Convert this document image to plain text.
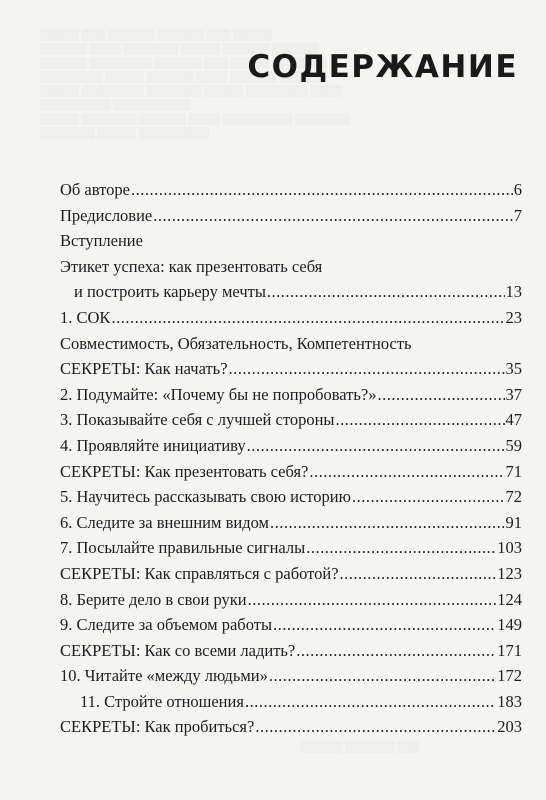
▒▒▒▒▒ ▒▒▒ ▒▒▒▒▒▒ ▒▒▒▒▒▒ ▒▒▒ ▒▒▒▒▒
▒▒▒▒▒▒ ▒▒▒▒ ▒▒▒▒▒▒▒ ▒▒▒▒▒ ▒▒▒▒▒▒ ▒▒▒▒▒▒
▒▒▒▒▒▒ ▒▒▒▒▒▒▒▒ ▒▒▒▒▒▒ ▒▒▒ ▒▒▒▒▒ ▒▒▒▒▒▒▒
▒▒▒▒▒▒▒▒ ▒▒▒▒▒ ▒▒▒▒▒▒ ▒▒▒▒ ▒▒▒▒▒▒ ▒▒▒▒▒▒
▒▒▒▒▒ ▒▒▒▒▒▒▒▒ ▒▒▒▒▒▒▒ ▒▒▒▒▒ ▒▒▒▒▒▒▒▒ ▒▒▒▒
▒▒▒▒▒▒▒▒▒ ▒▒▒▒▒▒▒▒▒▒
▒▒▒▒▒ ▒▒▒▒▒▒▒ ▒▒▒▒▒▒ ▒▒▒▒ ▒▒▒▒▒▒▒▒▒ ▒▒▒▒▒▒▒
▒▒▒▒▒▒▒ ▒▒▒▒▒ ▒▒▒▒▒▒▒▒▒
▒▒▒▒▒▒ ▒▒▒▒▒▒▒ ▒▒▒
СОДЕРЖАНИЕ
Об авторе .....	6
Предисловие .....	7
Вступление
Этикет успеха: как презентовать себя
и построить карьеру мечты .....	13
1. СОК .....	23
Совместимость, Обязательность, Компетентность
СЕКРЕТЫ: Как начать? .....	35
2. Подумайте: «Почему бы не попробовать?» .....	37
3. Показывайте себя с лучшей стороны .....	47
4. Проявляйте инициативу .....	59
СЕКРЕТЫ: Как презентовать себя? .....	71
5. Научитесь рассказывать свою историю .....	72
6. Следите за внешним видом .....	91
7. Посылайте правильные сигналы .....	103
СЕКРЕТЫ: Как справляться с работой? .....	123
8. Берите дело в свои руки .....	124
9. Следите за объемом работы .....	149
СЕКРЕТЫ: Как со всеми ладить? .....	171
10. Читайте «между людьми» .....	172
11. Стройте отношения .....	183
СЕКРЕТЫ: Как пробиться? .....	203
